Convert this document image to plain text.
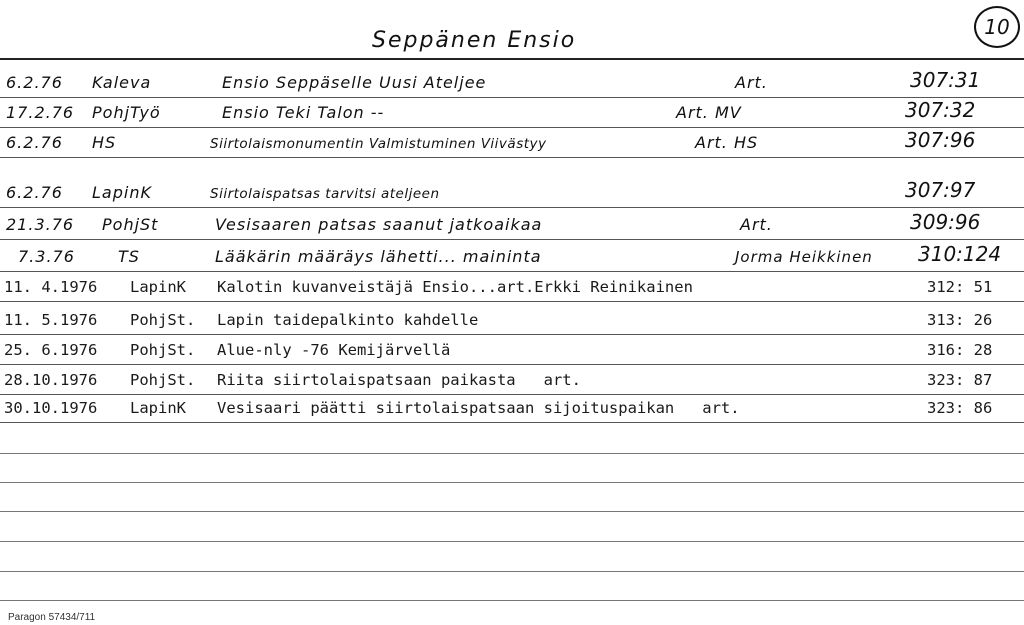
Seppänen Ensio
10
6.2.76 Kaleva	Ensio Seppäselle Uusi Ateljee	Art.	307:31
17.2.76 PohjTyö	Ensio Teki Talon --	Art. MV	307:32
6.2.76 HS	Siirtolaismonumentin Valmistuminen Viivästyy	Art. HS	307:96
6.2.76 LapinK	Siirtolaispatsas tarvitsi ateljeen	307:97
21.3.76 PohjSt	Vesisaaren patsas saanut jatkoaikaa	Art.	309:96
7.3.76	TS	Lääkärin määräys lähetti... maininta	Jorma Heikkinen 310:124
11. 4.1976 LapinK Kalotin kuvanveistäjä Ensio...art.Erkki Reinikainen	312: 51
11. 5.1976 PohjSt. Lapin taidepalkinto kahdelle	313: 26
25. 6.1976 PohjSt. Alue-nly -76 Kemijärvellä	316: 28
28.10.1976 PohjSt. Riita siirtolaispatsaan paikasta   art.	323: 87
30.10.1976 LapinK Vesisaari päätti siirtolaispatsaan sijoituspaikan   art.	323: 86
Paragon 57434/711
